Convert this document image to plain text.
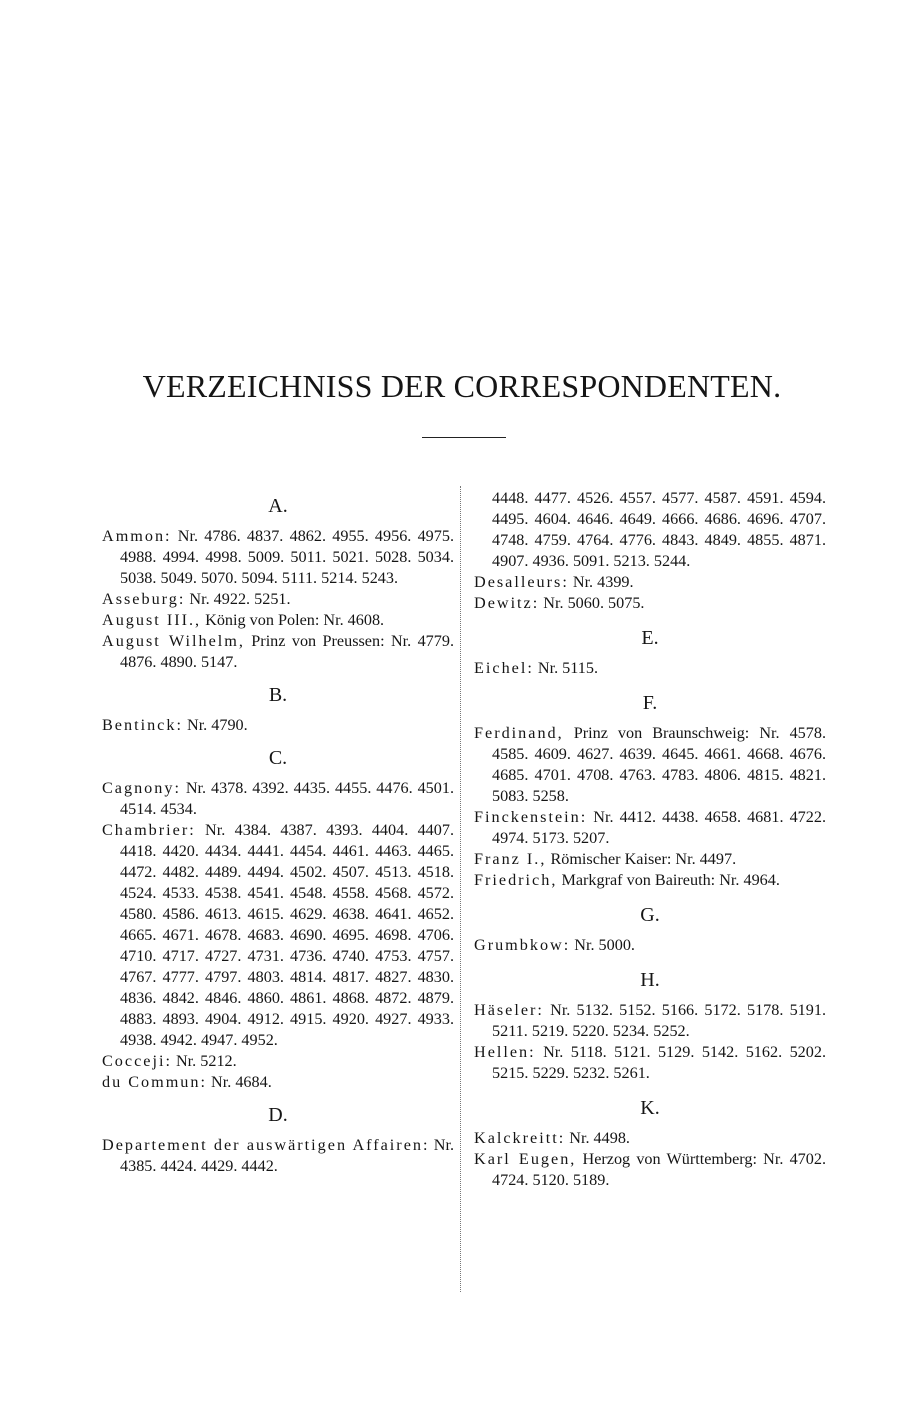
VERZEICHNISS DER CORRESPONDENTEN.
A.
Ammon: Nr. 4786. 4837. 4862. 4955. 4956. 4975. 4988. 4994. 4998. 5009. 5011. 5021. 5028. 5034. 5038. 5049. 5070. 5094. 5111. 5214. 5243.
Asseburg: Nr. 4922. 5251.
August III., König von Polen: Nr. 4608.
August Wilhelm, Prinz von Preussen: Nr. 4779. 4876. 4890. 5147.
B.
Bentinck: Nr. 4790.
C.
Cagnony: Nr. 4378. 4392. 4435. 4455. 4476. 4501. 4514. 4534.
Chambrier: Nr. 4384. 4387. 4393. 4404. 4407. 4418. 4420. 4434. 4441. 4454. 4461. 4463. 4465. 4472. 4482. 4489. 4494. 4502. 4507. 4513. 4518. 4524. 4533. 4538. 4541. 4548. 4558. 4568. 4572. 4580. 4586. 4613. 4615. 4629. 4638. 4641. 4652. 4665. 4671. 4678. 4683. 4690. 4695. 4698. 4706. 4710. 4717. 4727. 4731. 4736. 4740. 4753. 4757. 4767. 4777. 4797. 4803. 4814. 4817. 4827. 4830. 4836. 4842. 4846. 4860. 4861. 4868. 4872. 4879. 4883. 4893. 4904. 4912. 4915. 4920. 4927. 4933. 4938. 4942. 4947. 4952.
Cocceji: Nr. 5212.
du Commun: Nr. 4684.
D.
Departement der auswärtigen Affairen: Nr. 4385. 4424. 4429. 4442.
4448. 4477. 4526. 4557. 4577. 4587. 4591. 4594. 4495. 4604. 4646. 4649. 4666. 4686. 4696. 4707. 4748. 4759. 4764. 4776. 4843. 4849. 4855. 4871. 4907. 4936. 5091. 5213. 5244.
Desalleurs: Nr. 4399.
Dewitz: Nr. 5060. 5075.
E.
Eichel: Nr. 5115.
F.
Ferdinand, Prinz von Braunschweig: Nr. 4578. 4585. 4609. 4627. 4639. 4645. 4661. 4668. 4676. 4685. 4701. 4708. 4763. 4783. 4806. 4815. 4821. 5083. 5258.
Finckenstein: Nr. 4412. 4438. 4658. 4681. 4722. 4974. 5173. 5207.
Franz I., Römischer Kaiser: Nr. 4497.
Friedrich, Markgraf von Baireuth: Nr. 4964.
G.
Grumbkow: Nr. 5000.
H.
Häseler: Nr. 5132. 5152. 5166. 5172. 5178. 5191. 5211. 5219. 5220. 5234. 5252.
Hellen: Nr. 5118. 5121. 5129. 5142. 5162. 5202. 5215. 5229. 5232. 5261.
K.
Kalckreitt: Nr. 4498.
Karl Eugen, Herzog von Württemberg: Nr. 4702. 4724. 5120. 5189.
